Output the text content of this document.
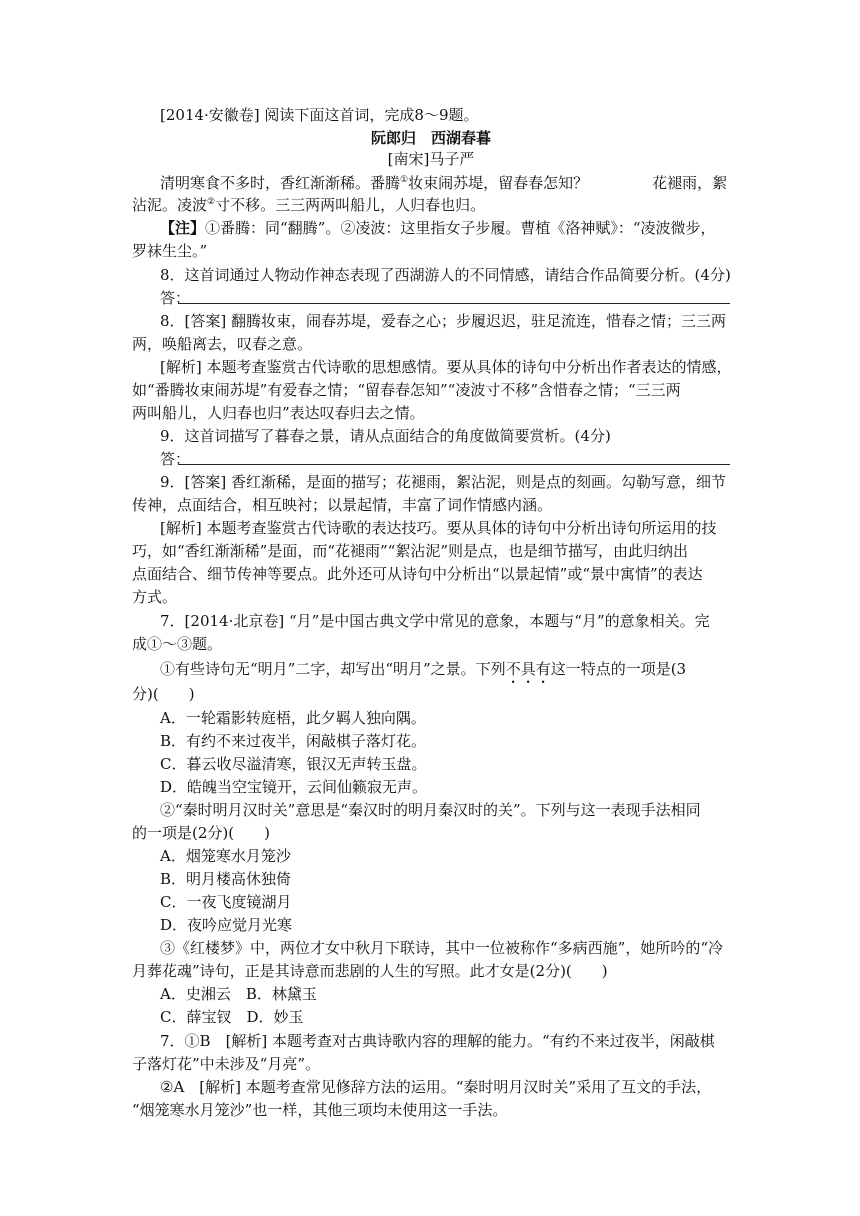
[2014·安徽卷] 阅读下面这首词，完成8～9题。
阮郎归　西湖春暮
[南宋]马子严
清明寒食不多时，香红渐渐稀。番腾①妆束闹苏堤，留春春怎知？	花褪雨，絮
沾泥。凌波②寸不移。三三两两叫船儿，人归春也归。
【注】①番腾：同“翻腾”。②凌波：这里指女子步履。曹植《洛神赋》：“凌波微步，
罗袜生尘。”
8．这首词通过人物动作神态表现了西湖游人的不同情感，请结合作品简要分析。(4分)
答：
8．[答案] 翻腾妆束，闹春苏堤，爱春之心；步履迟迟，驻足流连，惜春之情；三三两
两，唤船离去，叹春之意。
[解析] 本题考查鉴赏古代诗歌的思想感情。要从具体的诗句中分析出作者表达的情感，
如“番腾妆束闹苏堤”有爱春之情；“留春春怎知”“凌波寸不移”含惜春之情；“三三两
两叫船儿，人归春也归”表达叹春归去之情。
9．这首词描写了暮春之景，请从点面结合的角度做简要赏析。(4分)
答：
9．[答案] 香红渐稀，是面的描写；花褪雨，絮沾泥，则是点的刻画。勾勒写意，细节
传神，点面结合，相互映衬；以景起情，丰富了词作情感内涵。
[解析] 本题考查鉴赏古代诗歌的表达技巧。要从具体的诗句中分析出诗句所运用的技
巧，如“香红渐渐稀”是面，而“花褪雨”“絮沾泥”则是点，也是细节描写，由此归纳出
点面结合、细节传神等要点。此外还可从诗句中分析出“以景起情”或“景中寓情”的表达
方式。
7．[2014·北京卷] “月”是中国古典文学中常见的意象，本题与“月”的意象相关。完
成①～③题。
①有些诗句无“明月”二字，却写出“明月”之景。下列不具有这一特点的一项是(3
分)(　　)
A．一轮霜影转庭梧，此夕羁人独向隅。
B．有约不来过夜半，闲敲棋子落灯花。
C．暮云收尽溢清寒，银汉无声转玉盘。
D．皓魄当空宝镜开，云间仙籁寂无声。
②“秦时明月汉时关”意思是“秦汉时的明月秦汉时的关”。下列与这一表现手法相同
的一项是(2分)(　　)
A．烟笼寒水月笼沙
B．明月楼高休独倚
C．一夜飞度镜湖月
D．夜吟应觉月光寒
③《红楼梦》中，两位才女中秋月下联诗，其中一位被称作“多病西施”，她所吟的“冷
月葬花魂”诗句，正是其诗意而悲剧的人生的写照。此才女是(2分)(　　)
A．史湘云　B．林黛玉
C．薛宝钗　D．妙玉
7．①B　[解析] 本题考查对古典诗歌内容的理解的能力。“有约不来过夜半，闲敲棋
子落灯花”中未涉及“月亮”。
②A　[解析] 本题考查常见修辞方法的运用。“秦时明月汉时关”采用了互文的手法，
“烟笼寒水月笼沙”也一样，其他三项均未使用这一手法。
